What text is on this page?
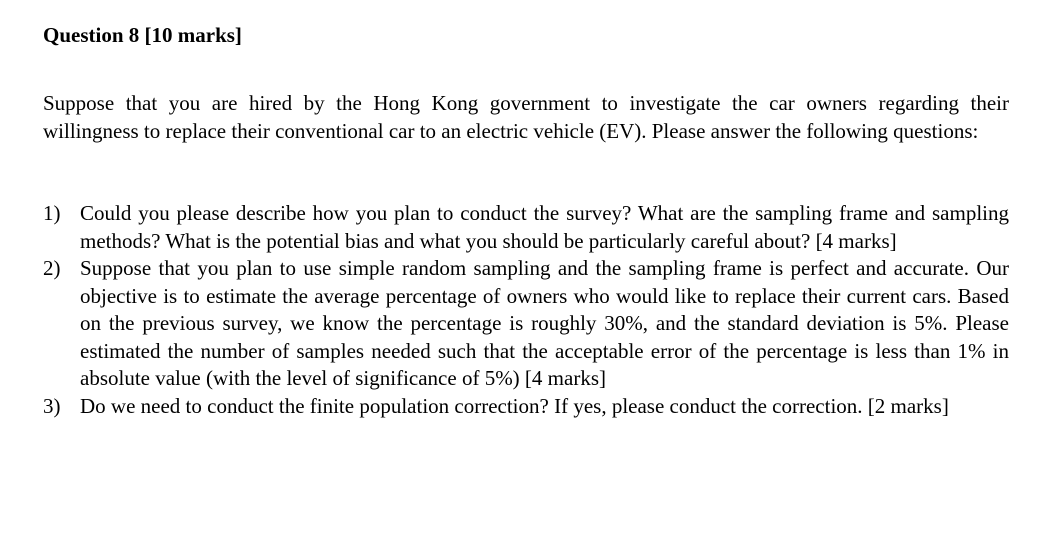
Question 8 [10 marks]

Suppose that you are hired by the Hong Kong government to investigate the car owners regarding their willingness to replace their conventional car to an electric vehicle (EV). Please answer the following questions:

1) Could you please describe how you plan to conduct the survey? What are the sampling frame and sampling methods? What is the potential bias and what you should be particularly careful about? [4 marks]
2) Suppose that you plan to use simple random sampling and the sampling frame is perfect and accurate. Our objective is to estimate the average percentage of owners who would like to replace their current cars. Based on the previous survey, we know the percentage is roughly 30%, and the standard deviation is 5%. Please estimated the number of samples needed such that the acceptable error of the percentage is less than 1% in absolute value (with the level of significance of 5%) [4 marks]
3) Do we need to conduct the finite population correction? If yes, please conduct the correction. [2 marks]
